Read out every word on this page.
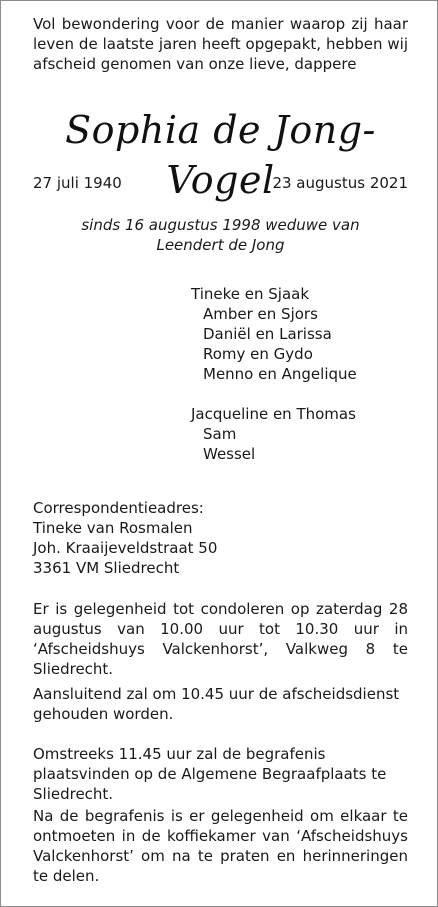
Vol bewondering voor de manier waarop zij haar leven de laatste jaren heeft opgepakt, hebben wij afscheid genomen van onze lieve, dappere

Sophia de Jong-Vogel
27 juli 1940	23 augustus 2021
sinds 16 augustus 1998 weduwe van
Leendert de Jong
Tineke en Sjaak
Amber en Sjors
Daniël en Larissa
Romy en Gydo
Menno en Angelique
Jacqueline en Thomas
Sam
Wessel
Correspondentieadres:
Tineke van Rosmalen
Joh. Kraaijeveldstraat 50
3361 VM Sliedrecht

Er is gelegenheid tot condoleren op zaterdag 28 augustus van 10.00 uur tot 10.30 uur in ‘Afscheidshuys Valckenhorst’, Valkweg 8 te Sliedrecht.

Aansluitend zal om 10.45 uur de afscheidsdienst gehouden worden.

Omstreeks 11.45 uur zal de begrafenis plaatsvinden op de Algemene Begraafplaats te Sliedrecht.

Na de begrafenis is er gelegenheid om elkaar te ontmoeten in de koffiekamer van ‘Afscheidshuys Valckenhorst’ om na te praten en herinneringen te delen.
